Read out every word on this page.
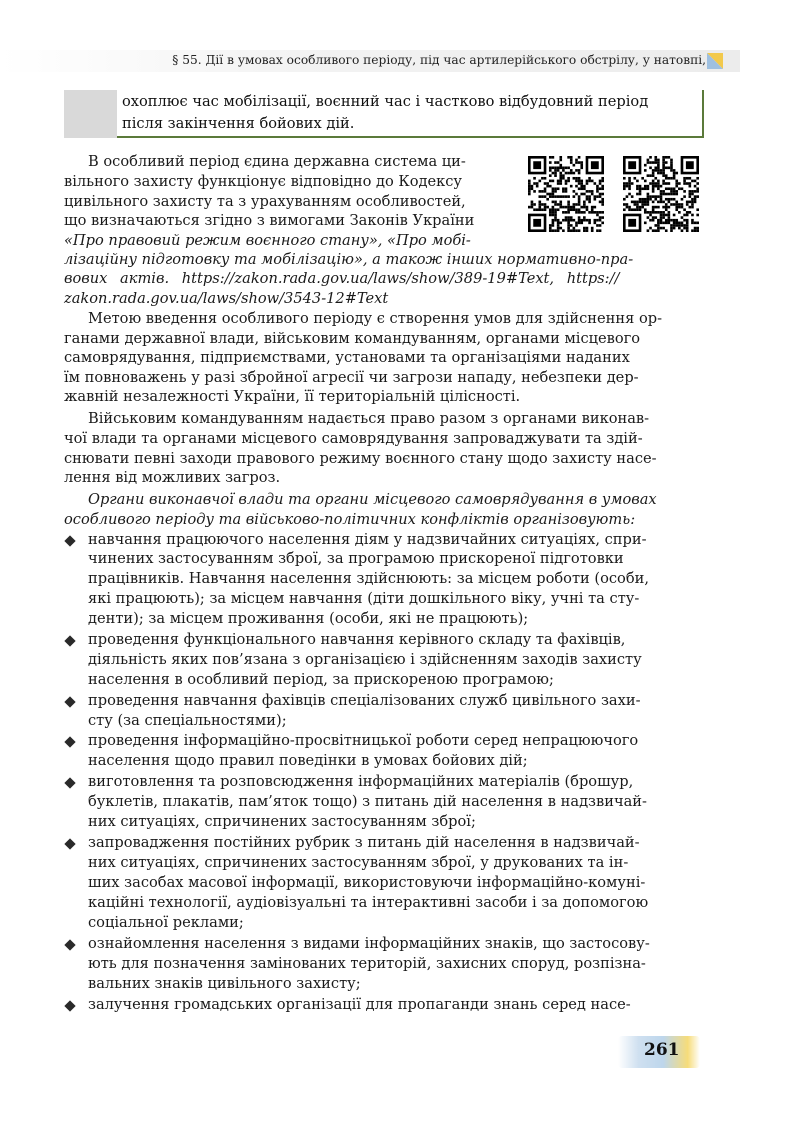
§ 55. Дії в умовах особливого періоду, під час артилерійського обстрілу, у натовпі,
охоплює час мобілізації, воєнний час і частково відбудовний період
після закінчення бойових дій.
В особливий період єдина державна система ци-
вільного захисту функціонує відповідно до Кодексу
цивільного захисту та з урахуванням особливостей,
що визначаються згідно з вимогами Законів України
«Про правовий режим воєнного стану», «Про мобі-
лізаційну підготовку та мобілізацію», а також інших нормативно-пра-
вових актів. https://zakon.rada.gov.ua/laws/show/389-19#Text, https://
zakon.rada.gov.ua/laws/show/3543-12#Text
Метою введення особливого періоду є створення умов для здійснення ор-
ганами державної влади, військовим командуванням, органами місцевого
самоврядування, підприємствами, установами та організаціями наданих
їм повноважень у разі збройної агресії чи загрози нападу, небезпеки дер-
жавній незалежності України, її територіальній цілісності.
Військовим командуванням надається право разом з органами виконав-
чої влади та органами місцевого самоврядування запроваджувати та здій-
снювати певні заходи правового режиму воєнного стану щодо захисту насе-
лення від можливих загроз.
Органи виконавчої влади та органи місцевого самоврядування в умовах
особливого періоду та військово-політичних конфліктів організовують:
навчання працюючого населення діям у надзвичайних ситуаціях, спри-
чинених застосуванням зброї, за програмою прискореної підготовки
працівників. Навчання населення здійснюють: за місцем роботи (особи,
які працюють); за місцем навчання (діти дошкільного віку, учні та сту-
денти); за місцем проживання (особи, які не працюють);
проведення функціонального навчання керівного складу та фахівців,
діяльність яких пов’язана з організацією і здійсненням заходів захисту
населення в особливий період, за прискореною програмою;
проведення навчання фахівців спеціалізованих служб цивільного захи-
сту (за спеціальностями);
проведення інформаційно-просвітницької роботи серед непрацюючого
населення щодо правил поведінки в умовах бойових дій;
виготовлення та розповсюдження інформаційних матеріалів (брошур,
буклетів, плакатів, пам’яток тощо) з питань дій населення в надзвичай-
них ситуаціях, спричинених застосуванням зброї;
запровадження постійних рубрик з питань дій населення в надзвичай-
них ситуаціях, спричинених застосуванням зброї, у друкованих та ін-
ших засобах масової інформації, використовуючи інформаційно-комуні-
каційні технології, аудіовізуальні та інтерактивні засоби і за допомогою
соціальної реклами;
ознайомлення населення з видами інформаційних знаків, що застосову-
ють для позначення замінованих територій, захисних споруд, розпізна-
вальних знаків цивільного захисту;
залучення громадських організації для пропаганди знань серед насе-
261
